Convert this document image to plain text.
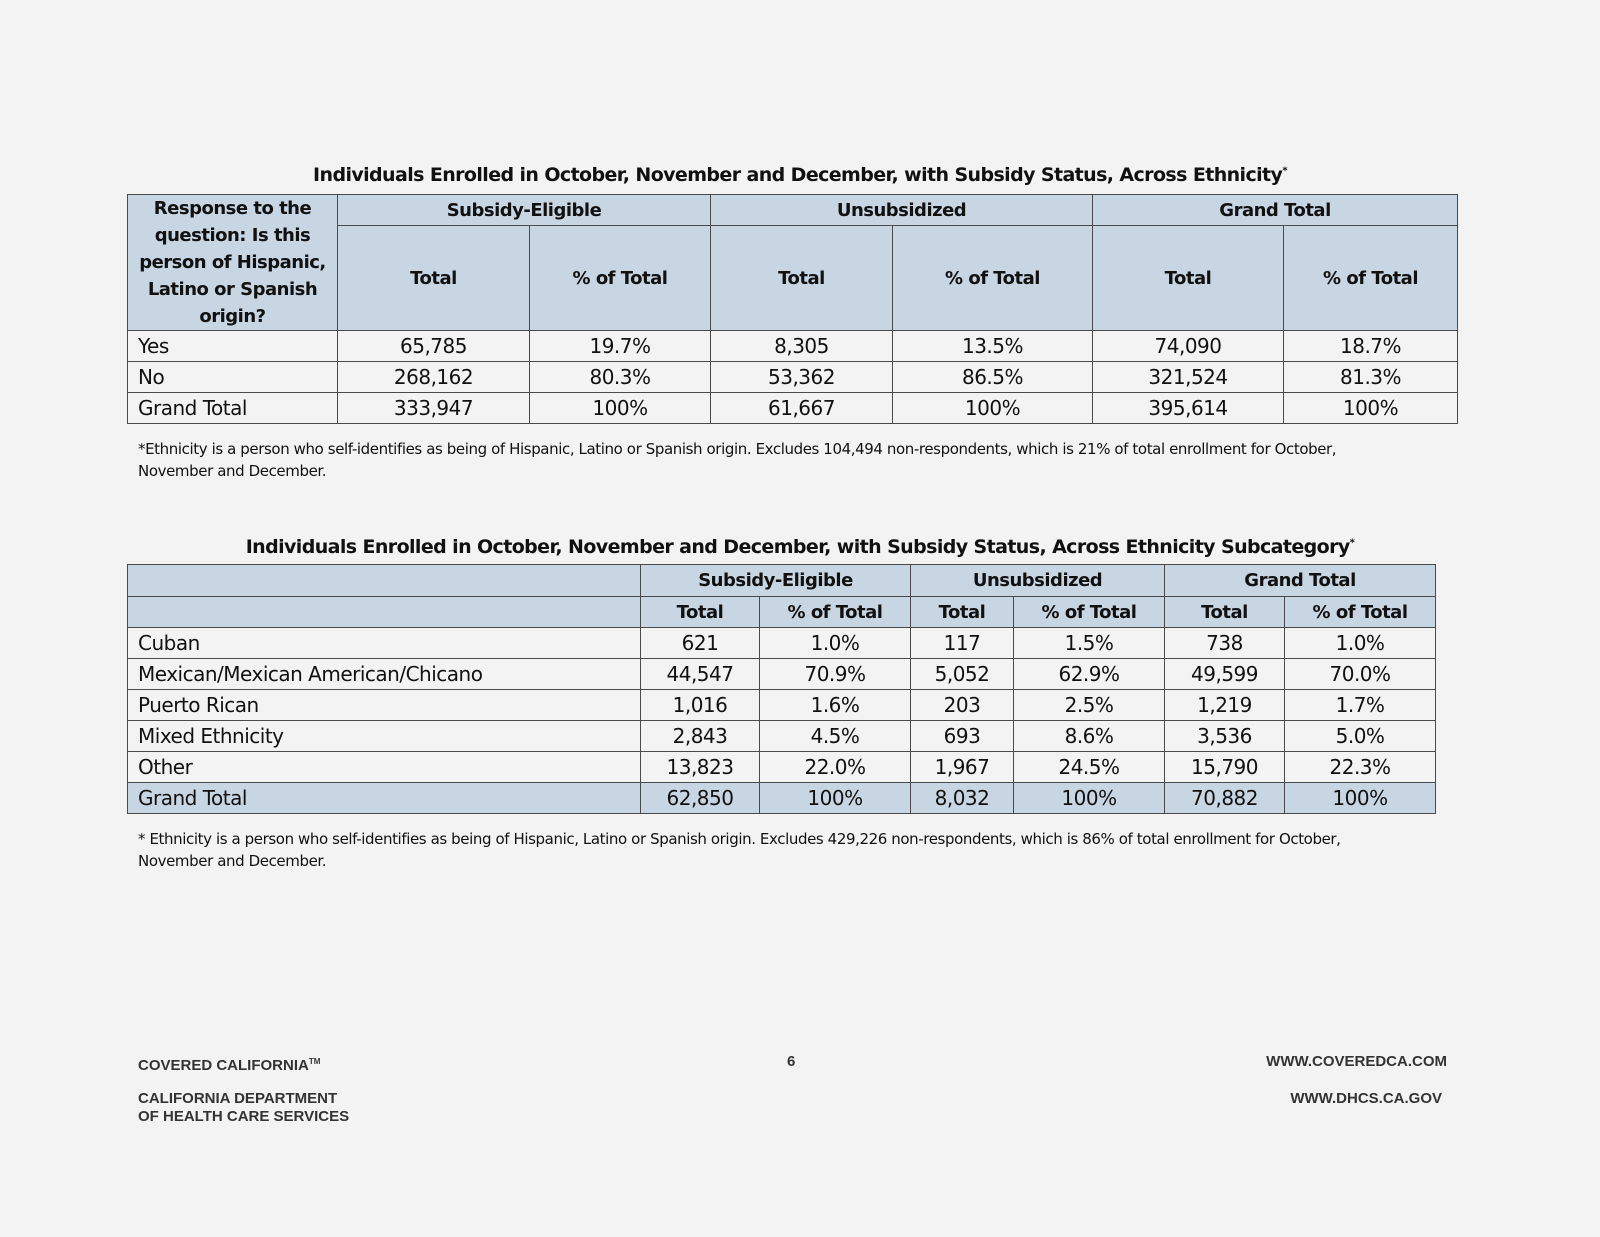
Individuals Enrolled in October, November and December, with Subsidy Status, Across Ethnicity*
Response to the question: Is this person of Hispanic, Latino or Spanish origin?	Subsidy-Eligible		Unsubsidized		Grand Total	
	Total	% of Total	Total	% of Total	Total	% of Total
Yes	65,785	19.7%	8,305	13.5%	74,090	18.7%
No	268,162	80.3%	53,362	86.5%	321,524	81.3%
Grand Total	333,947	100%	61,667	100%	395,614	100%
*Ethnicity is a person who self-identifies as being of Hispanic, Latino or Spanish origin. Excludes 104,494 non-respondents, which is 21% of total enrollment for October, November and December.
Individuals Enrolled in October, November and December, with Subsidy Status, Across Ethnicity Subcategory*
	Subsidy-Eligible		Unsubsidized		Grand Total	
	Total	% of Total	Total	% of Total	Total	% of Total
Cuban	621	1.0%	117	1.5%	738	1.0%
Mexican/Mexican American/Chicano	44,547	70.9%	5,052	62.9%	49,599	70.0%
Puerto Rican	1,016	1.6%	203	2.5%	1,219	1.7%
Mixed Ethnicity	2,843	4.5%	693	8.6%	3,536	5.0%
Other	13,823	22.0%	1,967	24.5%	15,790	22.3%
Grand Total	62,850	100%	8,032	100%	70,882	100%
* Ethnicity is a person who self-identifies as being of Hispanic, Latino or Spanish origin. Excludes 429,226 non-respondents, which is 86% of total enrollment for October, November and December.
COVERED CALIFORNIA™
CALIFORNIA DEPARTMENT
OF HEALTH CARE SERVICES
6	WWW.COVEREDCA.COM
WWW.DHCS.CA.GOV
